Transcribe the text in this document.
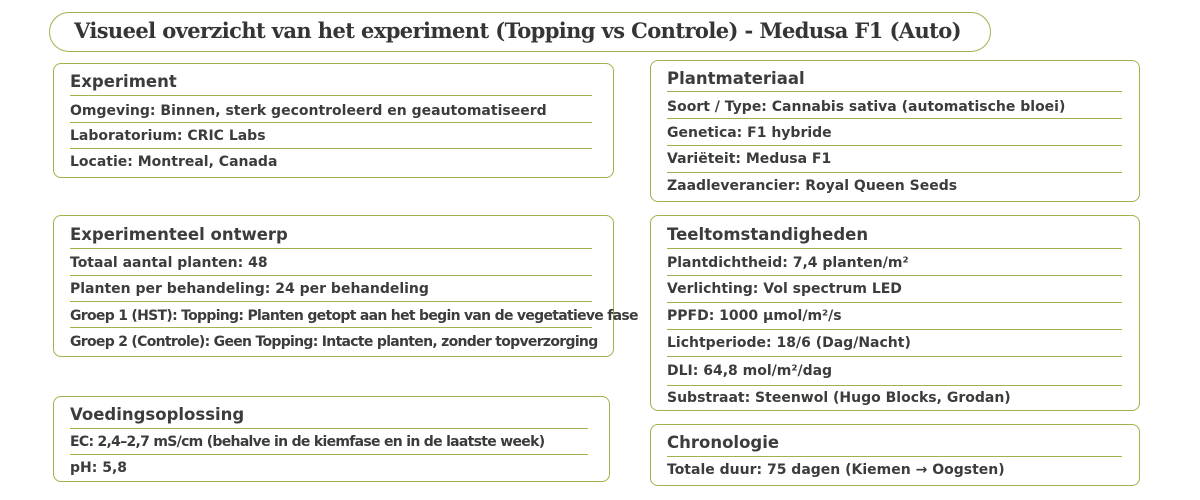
Visueel overzicht van het experiment (Topping vs Controle) - Medusa F1 (Auto)
Experiment
Omgeving: Binnen, sterk gecontroleerd en geautomatiseerd
Laboratorium: CRIC Labs
Locatie: Montreal, Canada
Experimenteel ontwerp
Totaal aantal planten: 48
Planten per behandeling: 24 per behandeling
Groep 1 (HST): Topping: Planten getopt aan het begin van de vegetatieve fase
Groep 2 (Controle): Geen Topping: Intacte planten, zonder topverzorging
Voedingsoplossing
EC: 2,4–2,7 mS/cm (behalve in de kiemfase en in de laatste week)
pH: 5,8
Plantmateriaal
Soort / Type: Cannabis sativa (automatische bloei)
Genetica: F1 hybride
Variëteit: Medusa F1
Zaadleverancier: Royal Queen Seeds
Teeltomstandigheden
Plantdichtheid: 7,4 planten/m²
Verlichting: Vol spectrum LED
PPFD: 1000 µmol/m²/s
Lichtperiode: 18/6 (Dag/Nacht)
DLI: 64,8 mol/m²/dag
Substraat: Steenwol (Hugo Blocks, Grodan)
Chronologie
Totale duur: 75 dagen (Kiemen → Oogsten)
